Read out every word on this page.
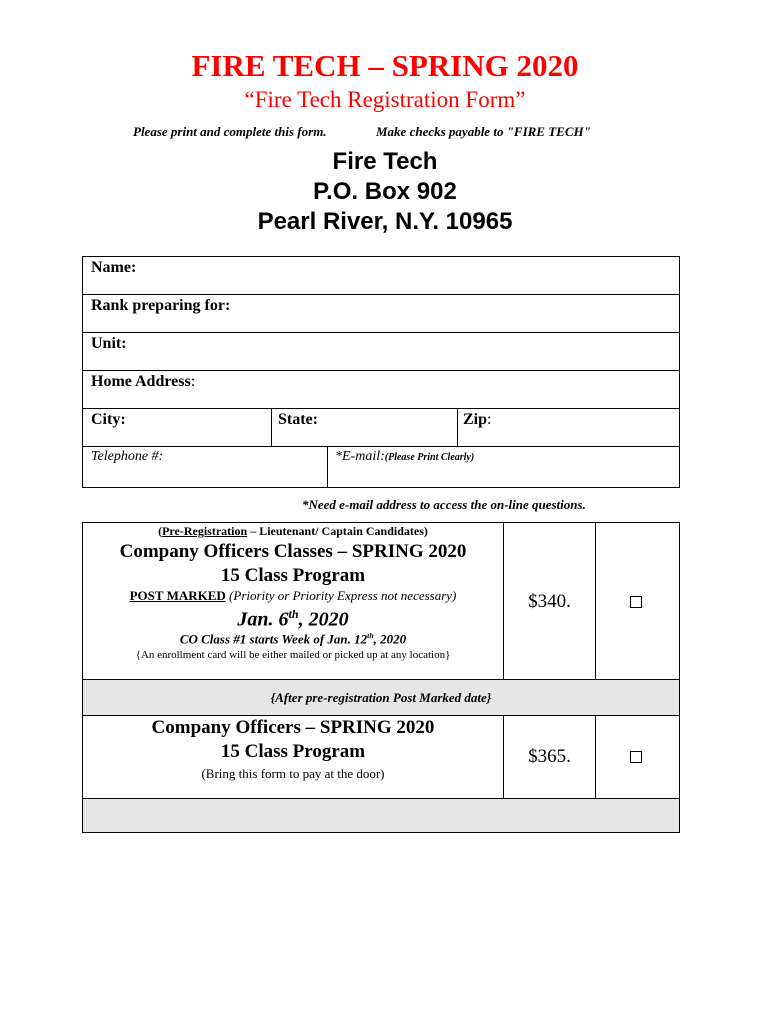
FIRE TECH – SPRING 2020
“Fire Tech Registration Form”
Please print and complete this form.	Make checks payable to "FIRE TECH"
Fire Tech
P.O. Box 902
Pearl River, N.Y. 10965
Name:
Rank preparing for:
Unit:
Home Address:
City:	State:	Zip:
Telephone #:	*E-mail:(Please Print Clearly)
*Need e-mail address to access the on-line questions.
(Pre-Registration – Lieutenant/ Captain Candidates)
Company Officers Classes – SPRING 2020
15 Class Program
POST MARKED (Priority or Priority Express not necessary)
Jan. 6th, 2020
CO Class #1 starts Week of Jan. 12th, 2020
{An enrollment card will be either mailed or picked up at any location}
$340.
{After pre-registration Post Marked date}
Company Officers – SPRING 2020
15 Class Program
(Bring this form to pay at the door)
$365.
